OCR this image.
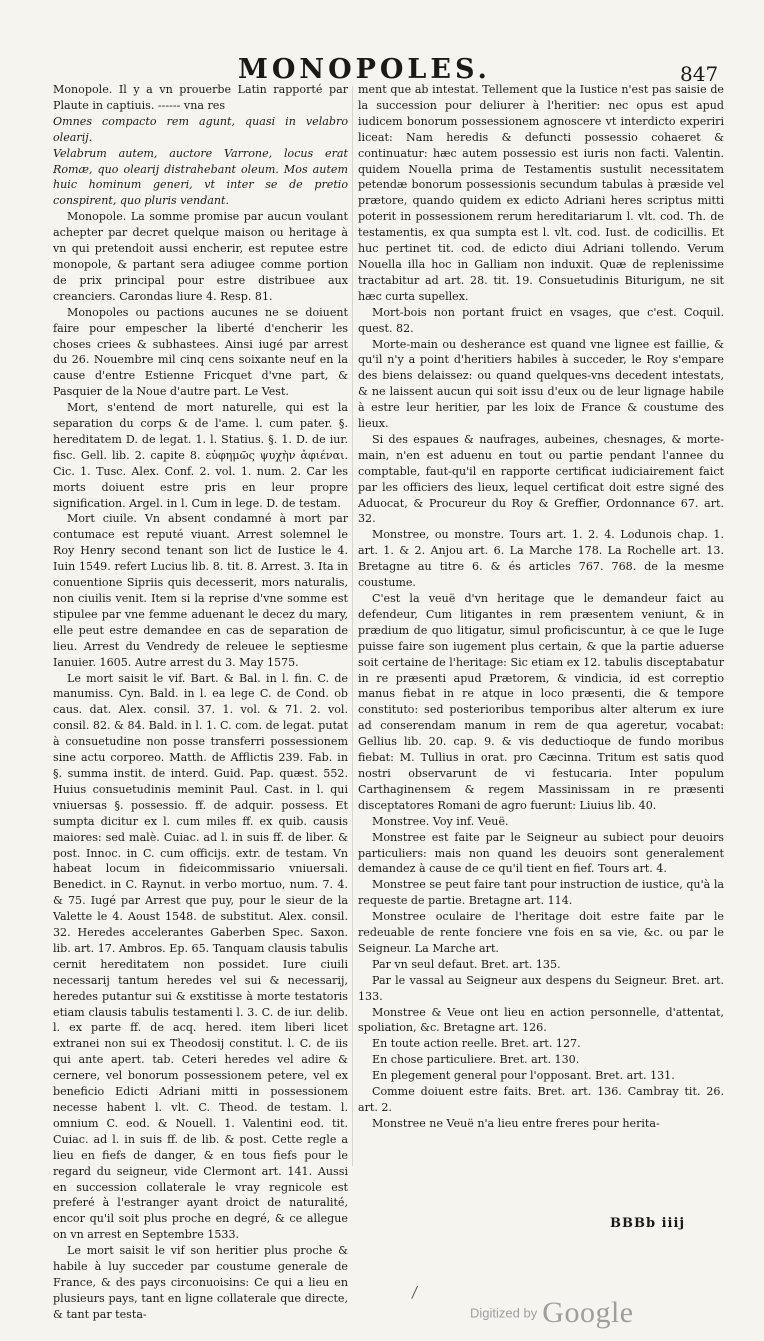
MONOPOLES.	847

Monopole. Il y a vn prouerbe Latin rapporté par Plaute in captiuis. ------ vna res

Omnes compacto rem agunt, quasi in velabro olearij.

Velabrum autem, auctore Varrone, locus erat Romæ, quo olearij distrahebant oleum. Mos autem huic hominum generi, vt inter se de pretio conspirent, quo pluris vendant.

Monopole. La somme promise par aucun voulant achepter par decret quelque maison ou heritage à vn qui pretendoit aussi encherir, est reputee estre monopole, & partant sera adiugee comme portion de prix principal pour estre distribuee aux creanciers. Carondas liure 4. Resp. 81.

Monopoles ou pactions aucunes ne se doiuent faire pour empescher la liberté d'encherir les choses criees & subhastees. Ainsi iugé par arrest du 26. Nouembre mil cinq cens soixante neuf en la cause d'entre Estienne Fricquet d'vne part, & Pasquier de la Noue d'autre part. Le Vest.

Mort, s'entend de mort naturelle, qui est la separation du corps & de l'ame. l. cum pater. §. hereditatem D. de legat. 1. l. Statius. §. 1. D. de iur. fisc. Gell. lib. 2. capite 8. εὐφημῶς ψυχὴν ἀφιέναι. Cic. 1. Tusc. Alex. Conf. 2. vol. 1. num. 2. Car les morts doiuent estre pris en leur propre signification. Argel. in l. Cum in lege. D. de testam.

Mort ciuile. Vn absent condamné à mort par contumace est reputé viuant. Arrest solemnel le Roy Henry second tenant son lict de Iustice le 4. Iuin 1549. refert Lucius lib. 8. tit. 8. Arrest. 3. Ita in conuentione Sipriis quis decesserit, mors naturalis, non ciuilis venit. Item si la reprise d'vne somme est stipulee par vne femme aduenant le decez du mary, elle peut estre demandee en cas de separation de lieu. Arrest du Vendredy de releuee le septiesme Ianuier. 1605. Autre arrest du 3. May 1575.

Le mort saisit le vif. Bart. & Bal. in l. fin. C. de manumiss. Cyn. Bald. in l. ea lege C. de Cond. ob caus. dat. Alex. consil. 37. 1. vol. & 71. 2. vol. consil. 82. & 84. Bald. in l. 1. C. com. de legat. putat à consuetudine non posse transferri possessionem sine actu corporeo. Matth. de Afflictis 239. Fab. in §. summa instit. de interd. Guid. Pap. quæst. 552. Huius consuetudinis meminit Paul. Cast. in l. qui vniuersas §. possessio. ff. de adquir. possess. Et sumpta dicitur ex l. cum miles ff. ex quib. causis maiores: sed malè. Cuiac. ad l. in suis ff. de liber. & post. Innoc. in C. cum officijs. extr. de testam. Vn habeat locum in fideicommissario vniuersali. Benedict. in C. Raynut. in verbo mortuo, num. 7. 4. & 75. Iugé par Arrest que puy, pour le sieur de la Valette le 4. Aoust 1548. de substitut. Alex. consil. 32. Heredes accelerantes Gaberben Spec. Saxon. lib. art. 17. Ambros. Ep. 65. Tanquam clausis tabulis cernit hereditatem non possidet. Iure ciuili necessarij tantum heredes vel sui & necessarij, heredes putantur sui & exstitisse à morte testatoris etiam clausis tabulis testamenti l. 3. C. de iur. delib. l. ex parte ff. de acq. hered. item liberi licet extranei non sui ex Theodosij constitut. l. C. de iis qui ante apert. tab. Ceteri heredes vel adire & cernere, vel bonorum possessionem petere, vel ex beneficio Edicti Adriani mitti in possessionem necesse habent l. vlt. C. Theod. de testam. l. omnium C. eod. & Nouell. 1. Valentini eod. tit. Cuiac. ad l. in suis ff. de lib. & post. Cette regle a lieu en fiefs de danger, & en tous fiefs pour le regard du seigneur, vide Clermont art. 141. Aussi en succession collaterale le vray regnicole est preferé à l'estranger ayant droict de naturalité, encor qu'il soit plus proche en degré, & ce allegue on vn arrest en Septembre 1533.

Le mort saisit le vif son heritier plus proche & habile à luy succeder par coustume generale de France, & des pays circonuoisins: Ce qui a lieu en plusieurs pays, tant en ligne collaterale que directe, & tant par testa-

ment que ab intestat. Tellement que la Iustice n'est pas saisie de la succession pour deliurer à l'heritier: nec opus est apud iudicem bonorum possessionem agnoscere vt interdicto experiri liceat: Nam heredis & defuncti possessio cohaeret & continuatur: hæc autem possessio est iuris non facti. Valentin. quidem Nouella prima de Testamentis sustulit necessitatem petendæ bonorum possessionis secundum tabulas à præside vel prætore, quando quidem ex edicto Adriani heres scriptus mitti poterit in possessionem rerum hereditariarum l. vlt. cod. Th. de testamentis, ex qua sumpta est l. vlt. cod. Iust. de codicillis. Et huc pertinet tit. cod. de edicto diui Adriani tollendo. Verum Nouella illa hoc in Galliam non induxit. Quæ de replenissime tractabitur ad art. 28. tit. 19. Consuetudinis Biturigum, ne sit hæc curta supellex.

Mort-bois non portant fruict en vsages, que c'est. Coquil. quest. 82.

Morte-main ou desherance est quand vne lignee est faillie, & qu'il n'y a point d'heritiers habiles à succeder, le Roy s'empare des biens delaissez: ou quand quelques-vns decedent intestats, & ne laissent aucun qui soit issu d'eux ou de leur lignage habile à estre leur heritier, par les loix de France & coustume des lieux.

Si des espaues & naufrages, aubeines, chesnages, & morte-main, n'en est aduenu en tout ou partie pendant l'annee du comptable, faut-qu'il en rapporte certificat iudiciairement faict par les officiers des lieux, lequel certificat doit estre signé des Aduocat, & Procureur du Roy & Greffier, Ordonnance 67. art. 32.

Monstree, ou monstre. Tours art. 1. 2. 4. Lodunois chap. 1. art. 1. & 2. Anjou art. 6. La Marche 178. La Rochelle art. 13. Bretagne au titre 6. & és articles 767. 768. de la mesme coustume.

C'est la veuë d'vn heritage que le demandeur faict au defendeur, Cum litigantes in rem præsentem veniunt, & in prædium de quo litigatur, simul proficiscuntur, à ce que le Iuge puisse faire son iugement plus certain, & que la partie aduerse soit certaine de l'heritage: Sic etiam ex 12. tabulis disceptabatur in re præsenti apud Prætorem, & vindicia, id est correptio manus fiebat in re atque in loco præsenti, die & tempore constituto: sed posterioribus temporibus alter alterum ex iure ad conserendam manum in rem de qua ageretur, vocabat: Gellius lib. 20. cap. 9. & vis deductioque de fundo moribus fiebat: M. Tullius in orat. pro Cæcinna. Tritum est satis quod nostri observarunt de vi festucaria. Inter populum Carthaginensem & regem Massinissam in re præsenti disceptatores Romani de agro fuerunt: Liuius lib. 40.

Monstree. Voy inf. Veuë.

Monstree est faite par le Seigneur au subiect pour deuoirs particuliers: mais non quand les deuoirs sont generalement demandez à cause de ce qu'il tient en fief. Tours art. 4.

Monstree se peut faire tant pour instruction de iustice, qu'à la requeste de partie. Bretagne art. 114.

Monstree oculaire de l'heritage doit estre faite par le redeuable de rente fonciere vne fois en sa vie, &c. ou par le Seigneur. La Marche art.

Par vn seul defaut. Bret. art. 135.

Par le vassal au Seigneur aux despens du Seigneur. Bret. art. 133.

Monstree & Veue ont lieu en action personnelle, d'attentat, spoliation, &c. Bretagne art. 126.

En toute action reelle. Bret. art. 127.

En chose particuliere. Bret. art. 130.

En plegement general pour l'opposant. Bret. art. 131.

Comme doiuent estre faits. Bret. art. 136. Cambray tit. 26. art. 2.

Monstree ne Veuë n'a lieu entre freres pour herita-

BBBb iiij
Digitized by Google
